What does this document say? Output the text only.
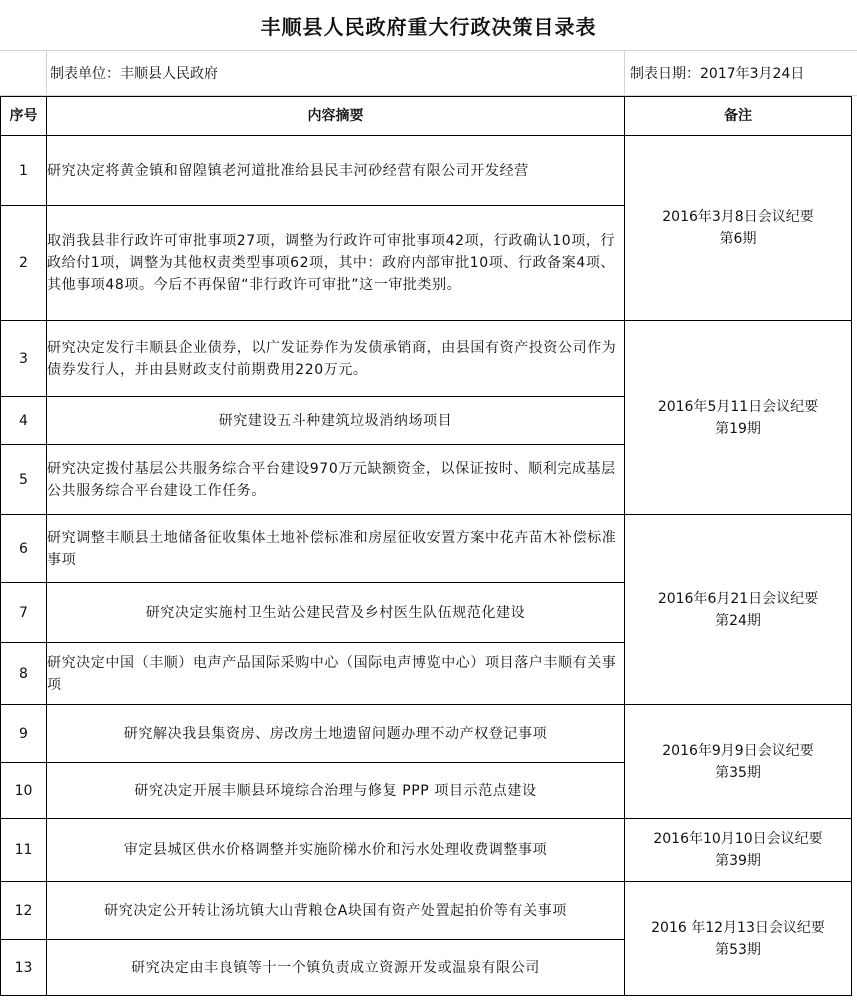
丰顺县人民政府重大行政决策目录表
制表单位：丰顺县人民政府	制表日期：2017年3月24日
序号	内容摘要	备注
1	研究决定将黄金镇和留隍镇老河道批准给县民丰河砂经营有限公司开发经营	2016年3月8日会议纪要
第6期

2	取消我县非行政许可审批事项27项，调整为行政许可审批事项42项，行政确认10项，行政给付1项，调整为其他权责类型事项62项，其中：政府内部审批10项、行政备案4项、其他事项48项。今后不再保留“非行政许可审批”这一审批类别。	
3	研究决定发行丰顺县企业债券，以广发证券作为发债承销商，由县国有资产投资公司作为债券发行人，并由县财政支付前期费用220万元。	2016年5月11日会议纪要
第19期

4	研究建设五斗种建筑垃圾消纳场项目	
5	研究决定拨付基层公共服务综合平台建设970万元缺额资金，以保证按时、顺利完成基层公共服务综合平台建设工作任务。	
6	研究调整丰顺县土地储备征收集体土地补偿标准和房屋征收安置方案中花卉苗木补偿标准事项	2016年6月21日会议纪要
第24期

7	研究决定实施村卫生站公建民营及乡村医生队伍规范化建设	
8	研究决定中国（丰顺）电声产品国际采购中心（国际电声博览中心）项目落户丰顺有关事项	
9	研究解决我县集资房、房改房土地遗留问题办理不动产权登记事项	2016年9月9日会议纪要
第35期

10	研究决定开展丰顺县环境综合治理与修复 PPP 项目示范点建设	
11	审定县城区供水价格调整并实施阶梯水价和污水处理收费调整事项	2016年10月10日会议纪要
第39期

12	研究决定公开转让汤坑镇大山背粮仓A块国有资产处置起拍价等有关事项	2016 年12月13日会议纪要
第53期

13	研究决定由丰良镇等十一个镇负责成立资源开发或温泉有限公司	
